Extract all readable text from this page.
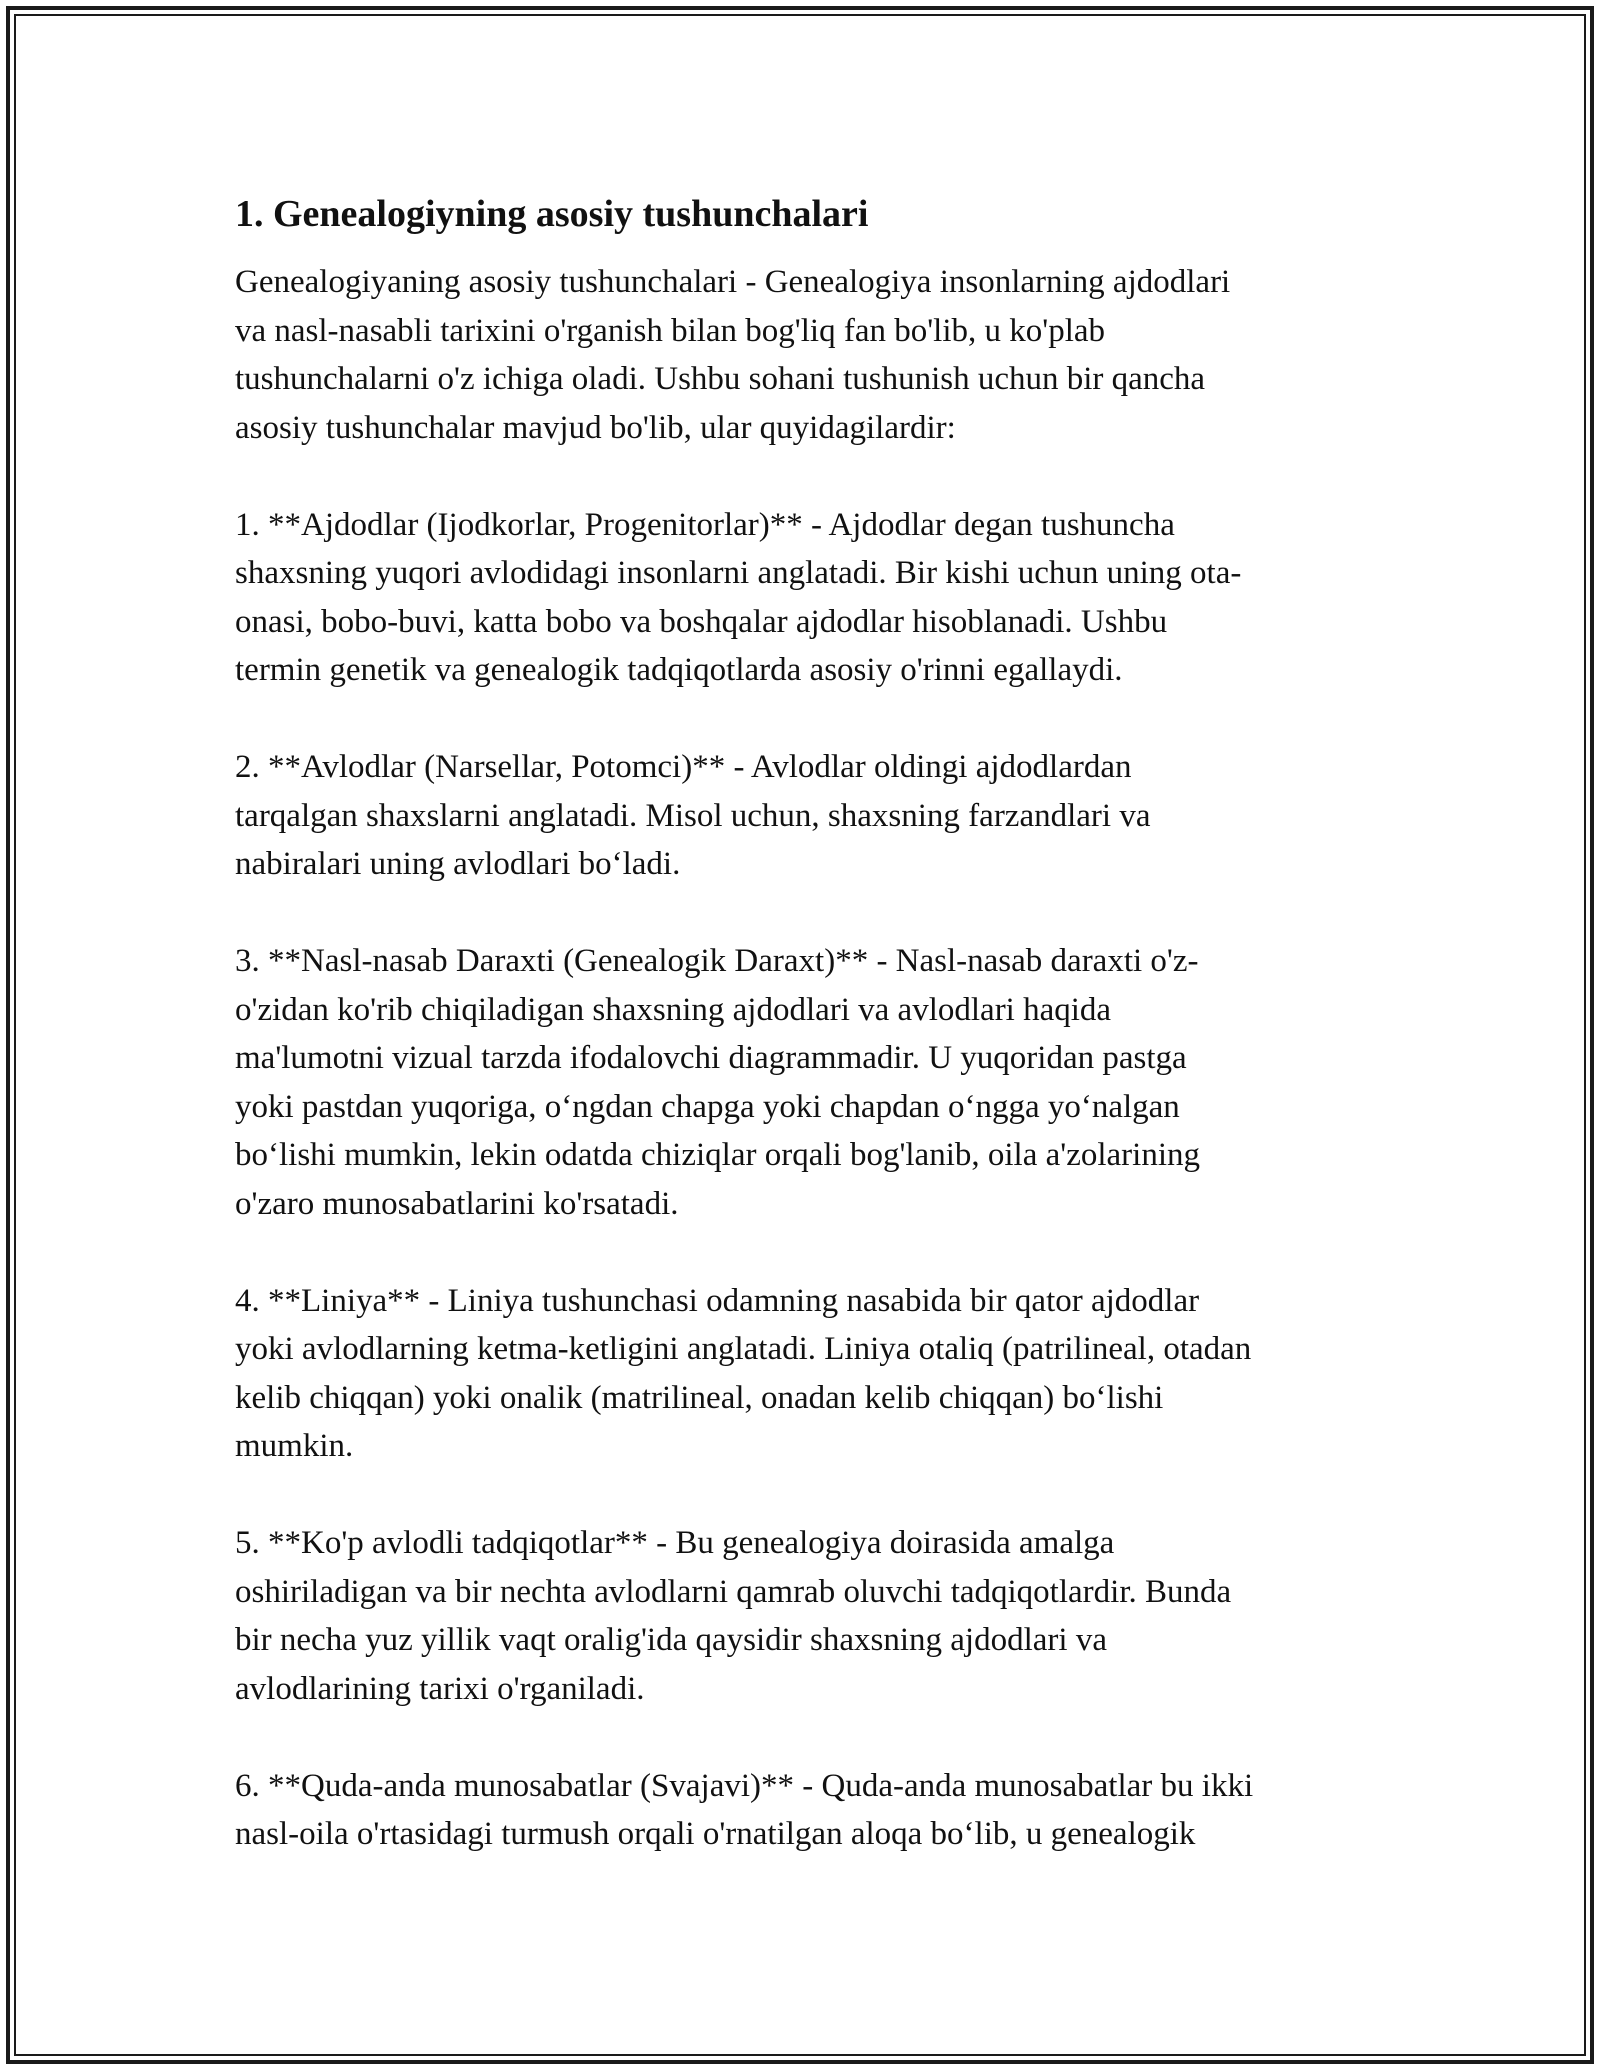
1. Genealogiyning asosiy tushunchalari

Genealogiyaning asosiy tushunchalari - Genealogiya insonlarning ajdodlari
va nasl-nasabli tarixini o'rganish bilan bog'liq fan bo'lib, u ko'plab
tushunchalarni o'z ichiga oladi. Ushbu sohani tushunish uchun bir qancha
asosiy tushunchalar mavjud bo'lib, ular quyidagilardir:

1. **Ajdodlar (Ijodkorlar, Progenitorlar)** - Ajdodlar degan tushuncha
shaxsning yuqori avlodidagi insonlarni anglatadi. Bir kishi uchun uning ota-
onasi, bobo-buvi, katta bobo va boshqalar ajdodlar hisoblanadi. Ushbu
termin genetik va genealogik tadqiqotlarda asosiy o'rinni egallaydi.

2. **Avlodlar (Narsellar, Potomci)** - Avlodlar oldingi ajdodlardan
tarqalgan shaxslarni anglatadi. Misol uchun, shaxsning farzandlari va
nabiralari uning avlodlari bo‘ladi.

3. **Nasl-nasab Daraxti (Genealogik Daraxt)** - Nasl-nasab daraxti o'z-
o'zidan ko'rib chiqiladigan shaxsning ajdodlari va avlodlari haqida
ma'lumotni vizual tarzda ifodalovchi diagrammadir. U yuqoridan pastga
yoki pastdan yuqoriga, o‘ngdan chapga yoki chapdan o‘ngga yo‘nalgan
bo‘lishi mumkin, lekin odatda chiziqlar orqali bog'lanib, oila a'zolarining
o'zaro munosabatlarini ko'rsatadi.

4. **Liniya** - Liniya tushunchasi odamning nasabida bir qator ajdodlar
yoki avlodlarning ketma-ketligini anglatadi. Liniya otaliq (patrilineal, otadan
kelib chiqqan) yoki onalik (matrilineal, onadan kelib chiqqan) bo‘lishi
mumkin.

5. **Ko'p avlodli tadqiqotlar** - Bu genealogiya doirasida amalga
oshiriladigan va bir nechta avlodlarni qamrab oluvchi tadqiqotlardir. Bunda
bir necha yuz yillik vaqt oralig'ida qaysidir shaxsning ajdodlari va
avlodlarining tarixi o'rganiladi.

6. **Quda-anda munosabatlar (Svajavi)** - Quda-anda munosabatlar bu ikki
nasl-oila o'rtasidagi turmush orqali o'rnatilgan aloqa bo‘lib, u genealogik
